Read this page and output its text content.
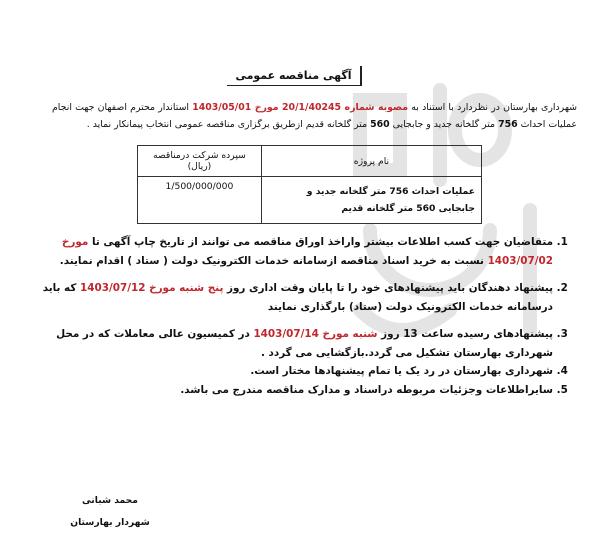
آگهی مناقصه عمومی

شهرداری بهارستان در نظردارد با استناد به مصوبه شماره 20/1/40245 مورخ 1403/05/01 استاندار محترم اصفهان جهت انجام عملیات احداث 756 متر گلخانه جدید و جابجایی 560 متر گلخانه قدیم ازطریق برگزاری مناقصه عمومی انتخاب پیمانکار نماید .

نام پروژه	سپرده شرکت درمناقصه (ریال)
عملیات احداث 756 متر گلخانه جدید و جابجایی 560 متر گلخانه قدیم	1/500/000/000
1. متقاضیان جهت کسب اطلاعات بیشتر واراخذ اوراق مناقصه می توانند از تاریخ چاپ آگهی تا مورخ 1403/07/02 نسبت به خرید اسناد مناقصه ازسامانه خدمات الکترونیک دولت ( ستاد ) اقدام نمایند.
2. پیشنهاد دهندگان باید پیشنهادهای خود را تا پایان وقت اداری روز پنج شنبه مورخ 1403/07/12 که باید درسامانه خدمات الکترونیک دولت (ستاد) بارگذاری نمایند
3. پیشنهادهای رسیده ساعت 13 روز شنبه مورخ 1403/07/14 در کمیسیون عالی معاملات که در محل شهرداری بهارستان تشکیل می گردد.بازگشایی می گردد .
4. شهرداری بهارستان در رد یک یا تمام پیشنهادها مختار است.
5. سایراطلاعات وجزئیات مربوطه دراسناد و مدارک مناقصه مندرج می باشد.
محمد شبانی
شهردار بهارستان
